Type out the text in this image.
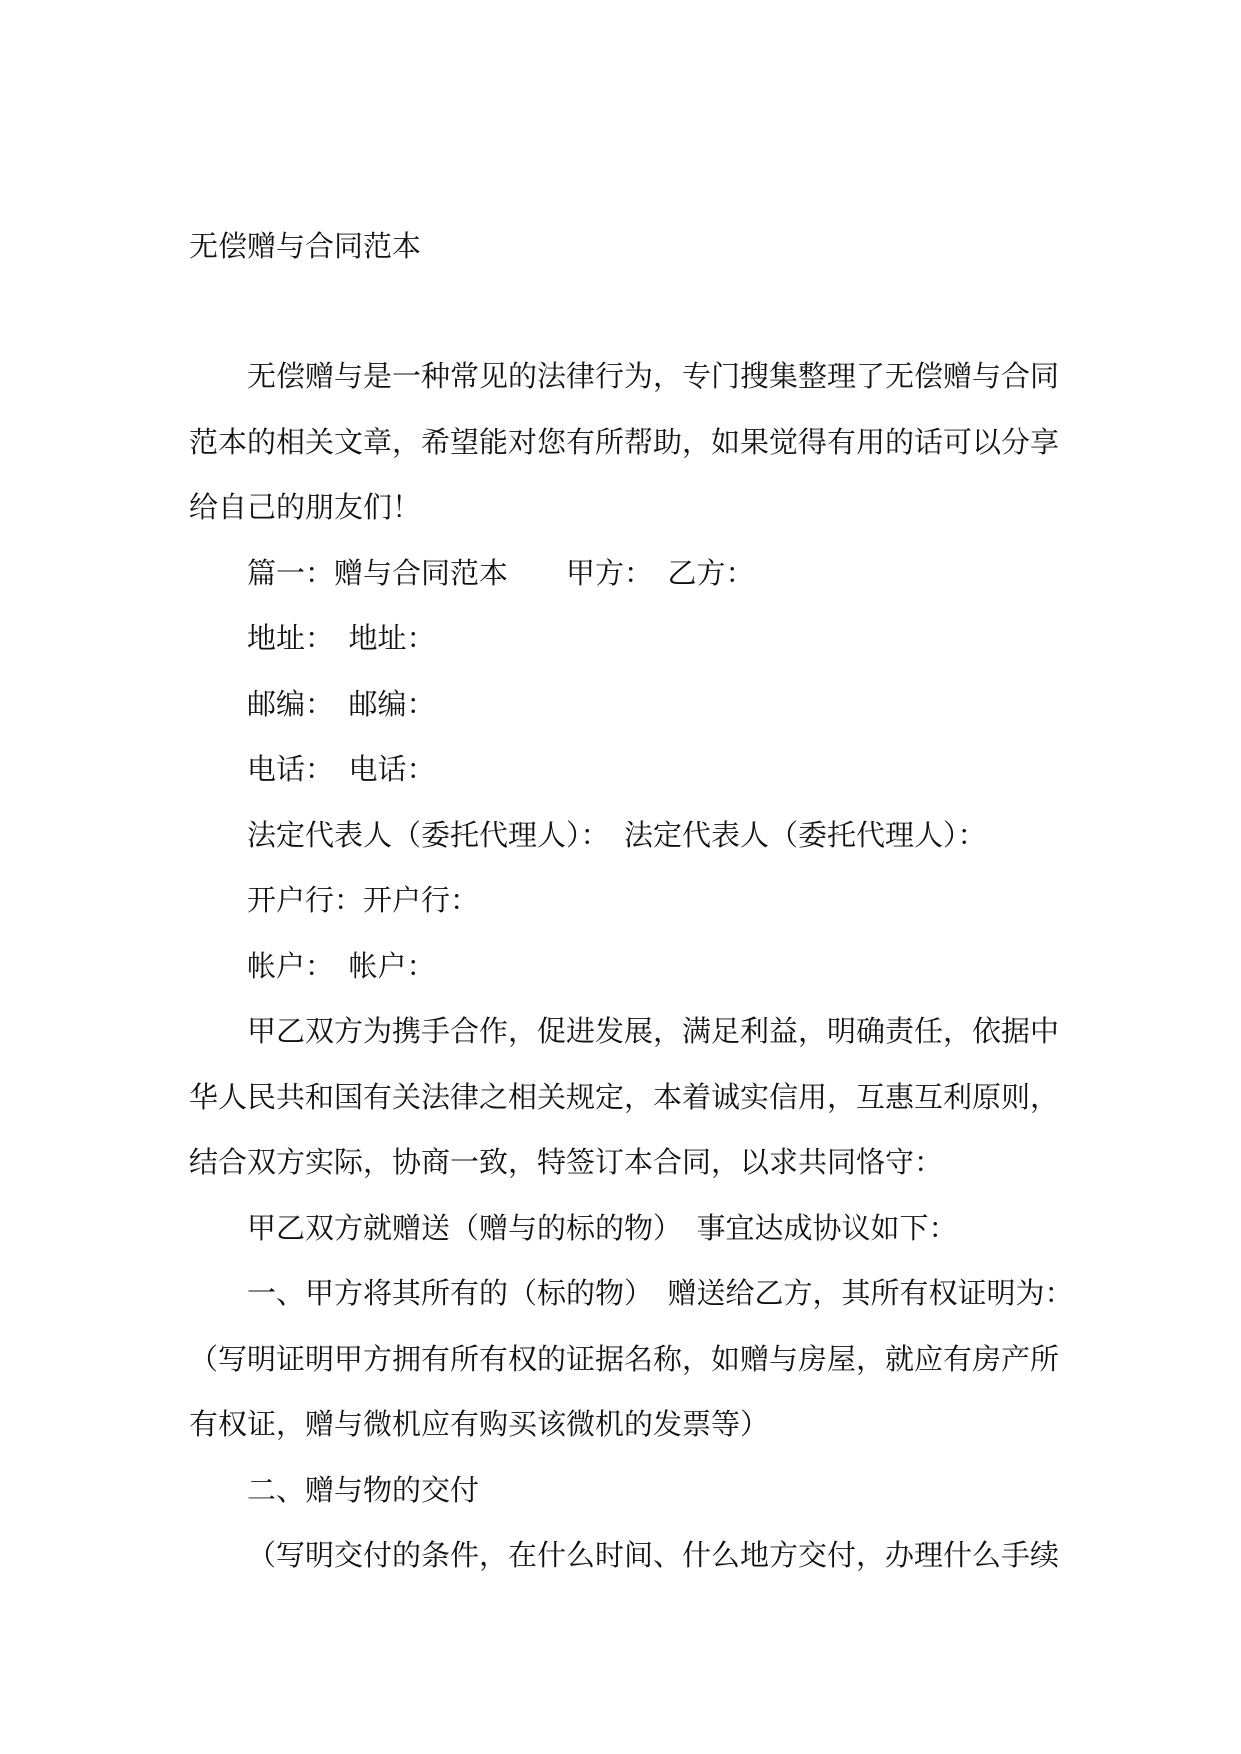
无偿赠与合同范本

无偿赠与是一种常见的法律行为，专门搜集整理了无偿赠与合同

范本的相关文章，希望能对您有所帮助，如果觉得有用的话可以分享

给自己的朋友们！

篇一：赠与合同范本　　甲方：　乙方：

地址：　地址：

邮编：　邮编：

电话：　电话：

法定代表人（委托代理人）：　法定代表人（委托代理人）：

开户行：开户行：

帐户：　帐户：

甲乙双方为携手合作，促进发展，满足利益，明确责任，依据中

华人民共和国有关法律之相关规定，本着诚实信用，互惠互利原则，

结合双方实际，协商一致，特签订本合同，以求共同恪守：

甲乙双方就赠送（赠与的标的物）　事宜达成协议如下：

一、甲方将其所有的（标的物）　赠送给乙方，其所有权证明为：

（写明证明甲方拥有所有权的证据名称，如赠与房屋，就应有房产所

有权证，赠与微机应有购买该微机的发票等）

二、赠与物的交付

（写明交付的条件，在什么时间、什么地方交付，办理什么手续
